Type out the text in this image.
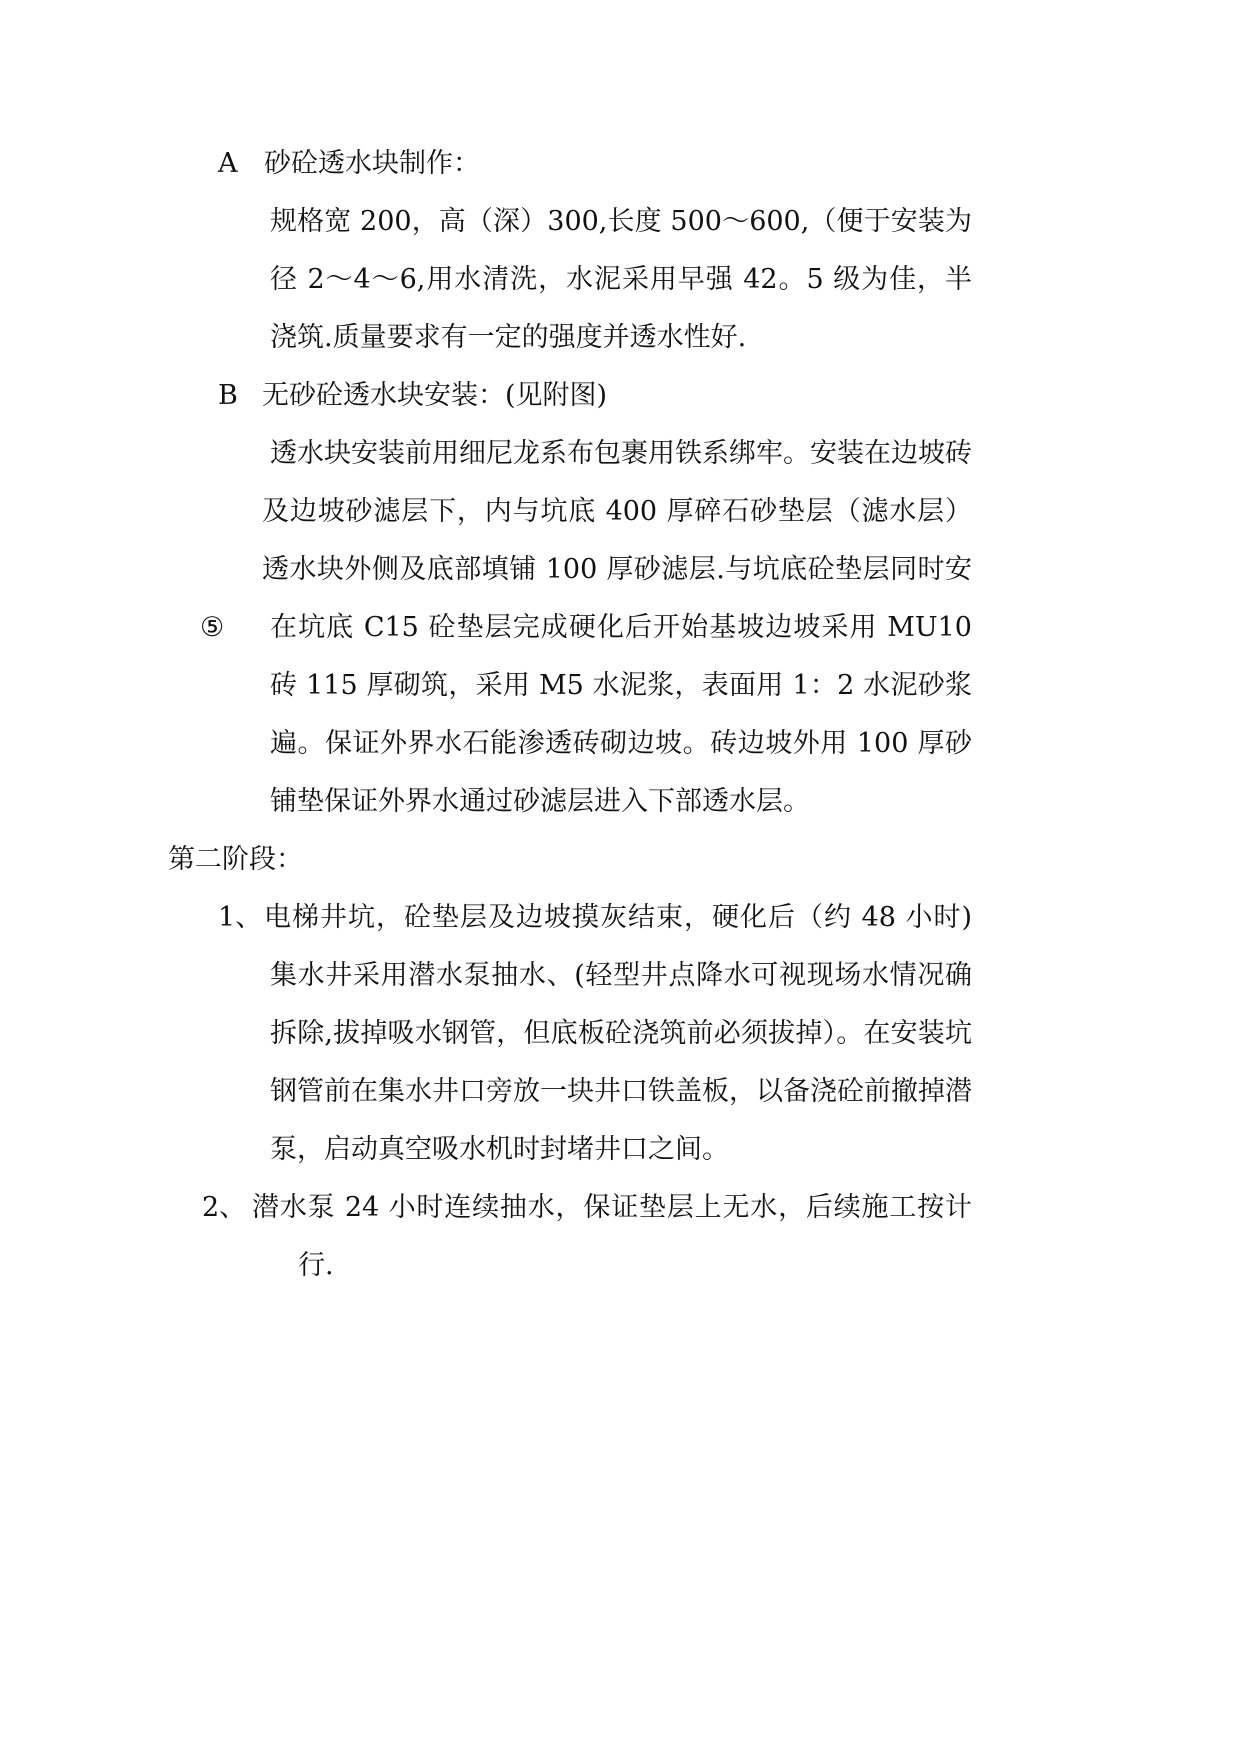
A 砂砼透水块制作：
规格宽 200，高（深）300,长度 500～600,（便于安装为
径 2～4～6,用水清洗，水泥采用早强 42。5 级为佳，半
浇筑.质量要求有一定的强度并透水性好.
B 无砂砼透水块安装：(见附图)
透水块安装前用细尼龙系布包裹用铁系绑牢。安装在边坡砖
及边坡砂滤层下，内与坑底 400 厚碎石砂垫层（滤水层）
透水块外侧及底部填铺 100 厚砂滤层.与坑底砼垫层同时安
⑤ 在坑底 C15 砼垫层完成硬化后开始基坡边坡采用 MU10
砖 115 厚砌筑，采用 M5 水泥浆，表面用 1：2 水泥砂浆
遍。保证外界水石能渗透砖砌边坡。砖边坡外用 100 厚砂
铺垫保证外界水通过砂滤层进入下部透水层。
第二阶段：
1、 电梯井坑，砼垫层及边坡摸灰结束，硬化后（约 48 小时)
集水井采用潜水泵抽水、(轻型井点降水可视现场水情况确
拆除,拔掉吸水钢管，但底板砼浇筑前必须拔掉）。在安装坑
钢管前在集水井口旁放一块井口铁盖板，以备浇砼前撤掉潜
泵，启动真空吸水机时封堵井口之间。
2、 潜水泵 24 小时连续抽水，保证垫层上无水，后续施工按计
行.
